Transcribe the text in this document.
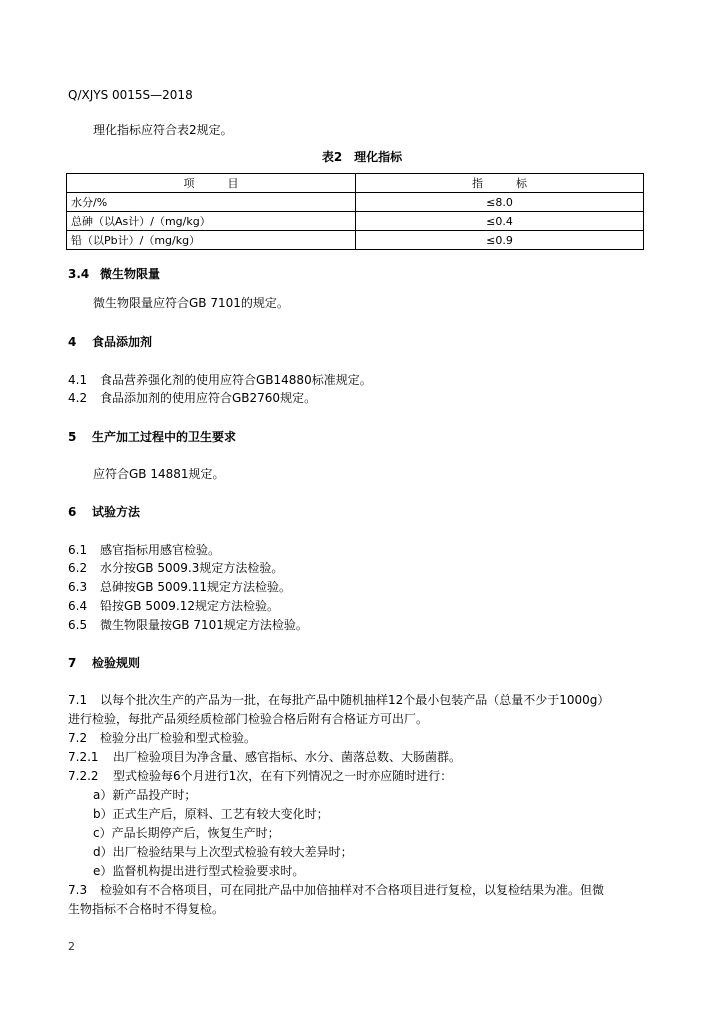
Q/XJYS 0015S—2018
理化指标应符合表2规定。
表2　理化指标
项　　　目	指　　　标
水分/%	≤8.0
总砷（以As计）/（mg/kg）	≤0.4
铅（以Pb计）/（mg/kg）	≤0.9
3.4 微生物限量
微生物限量应符合GB 7101的规定。
4 食品添加剂
4.1 食品营养强化剂的使用应符合GB14880标准规定。
4.2 食品添加剂的使用应符合GB2760规定。
5 生产加工过程中的卫生要求
应符合GB 14881规定。
6 试验方法
6.1 感官指标用感官检验。
6.2 水分按GB 5009.3规定方法检验。
6.3 总砷按GB 5009.11规定方法检验。
6.4 铅按GB 5009.12规定方法检验。
6.5 微生物限量按GB 7101规定方法检验。
7 检验规则
7.1 以每个批次生产的产品为一批，在每批产品中随机抽样12个最小包装产品（总量不少于1000g）
进行检验，每批产品须经质检部门检验合格后附有合格证方可出厂。
7.2 检验分出厂检验和型式检验。
7.2.1 出厂检验项目为净含量、感官指标、水分、菌落总数、大肠菌群。
7.2.2 型式检验每6个月进行1次，在有下列情况之一时亦应随时进行：
a）新产品投产时；
b）正式生产后，原料、工艺有较大变化时；
c）产品长期停产后，恢复生产时；
d）出厂检验结果与上次型式检验有较大差异时；
e）监督机构提出进行型式检验要求时。
7.3 检验如有不合格项目，可在同批产品中加倍抽样对不合格项目进行复检，以复检结果为准。但微
生物指标不合格时不得复检。
2
